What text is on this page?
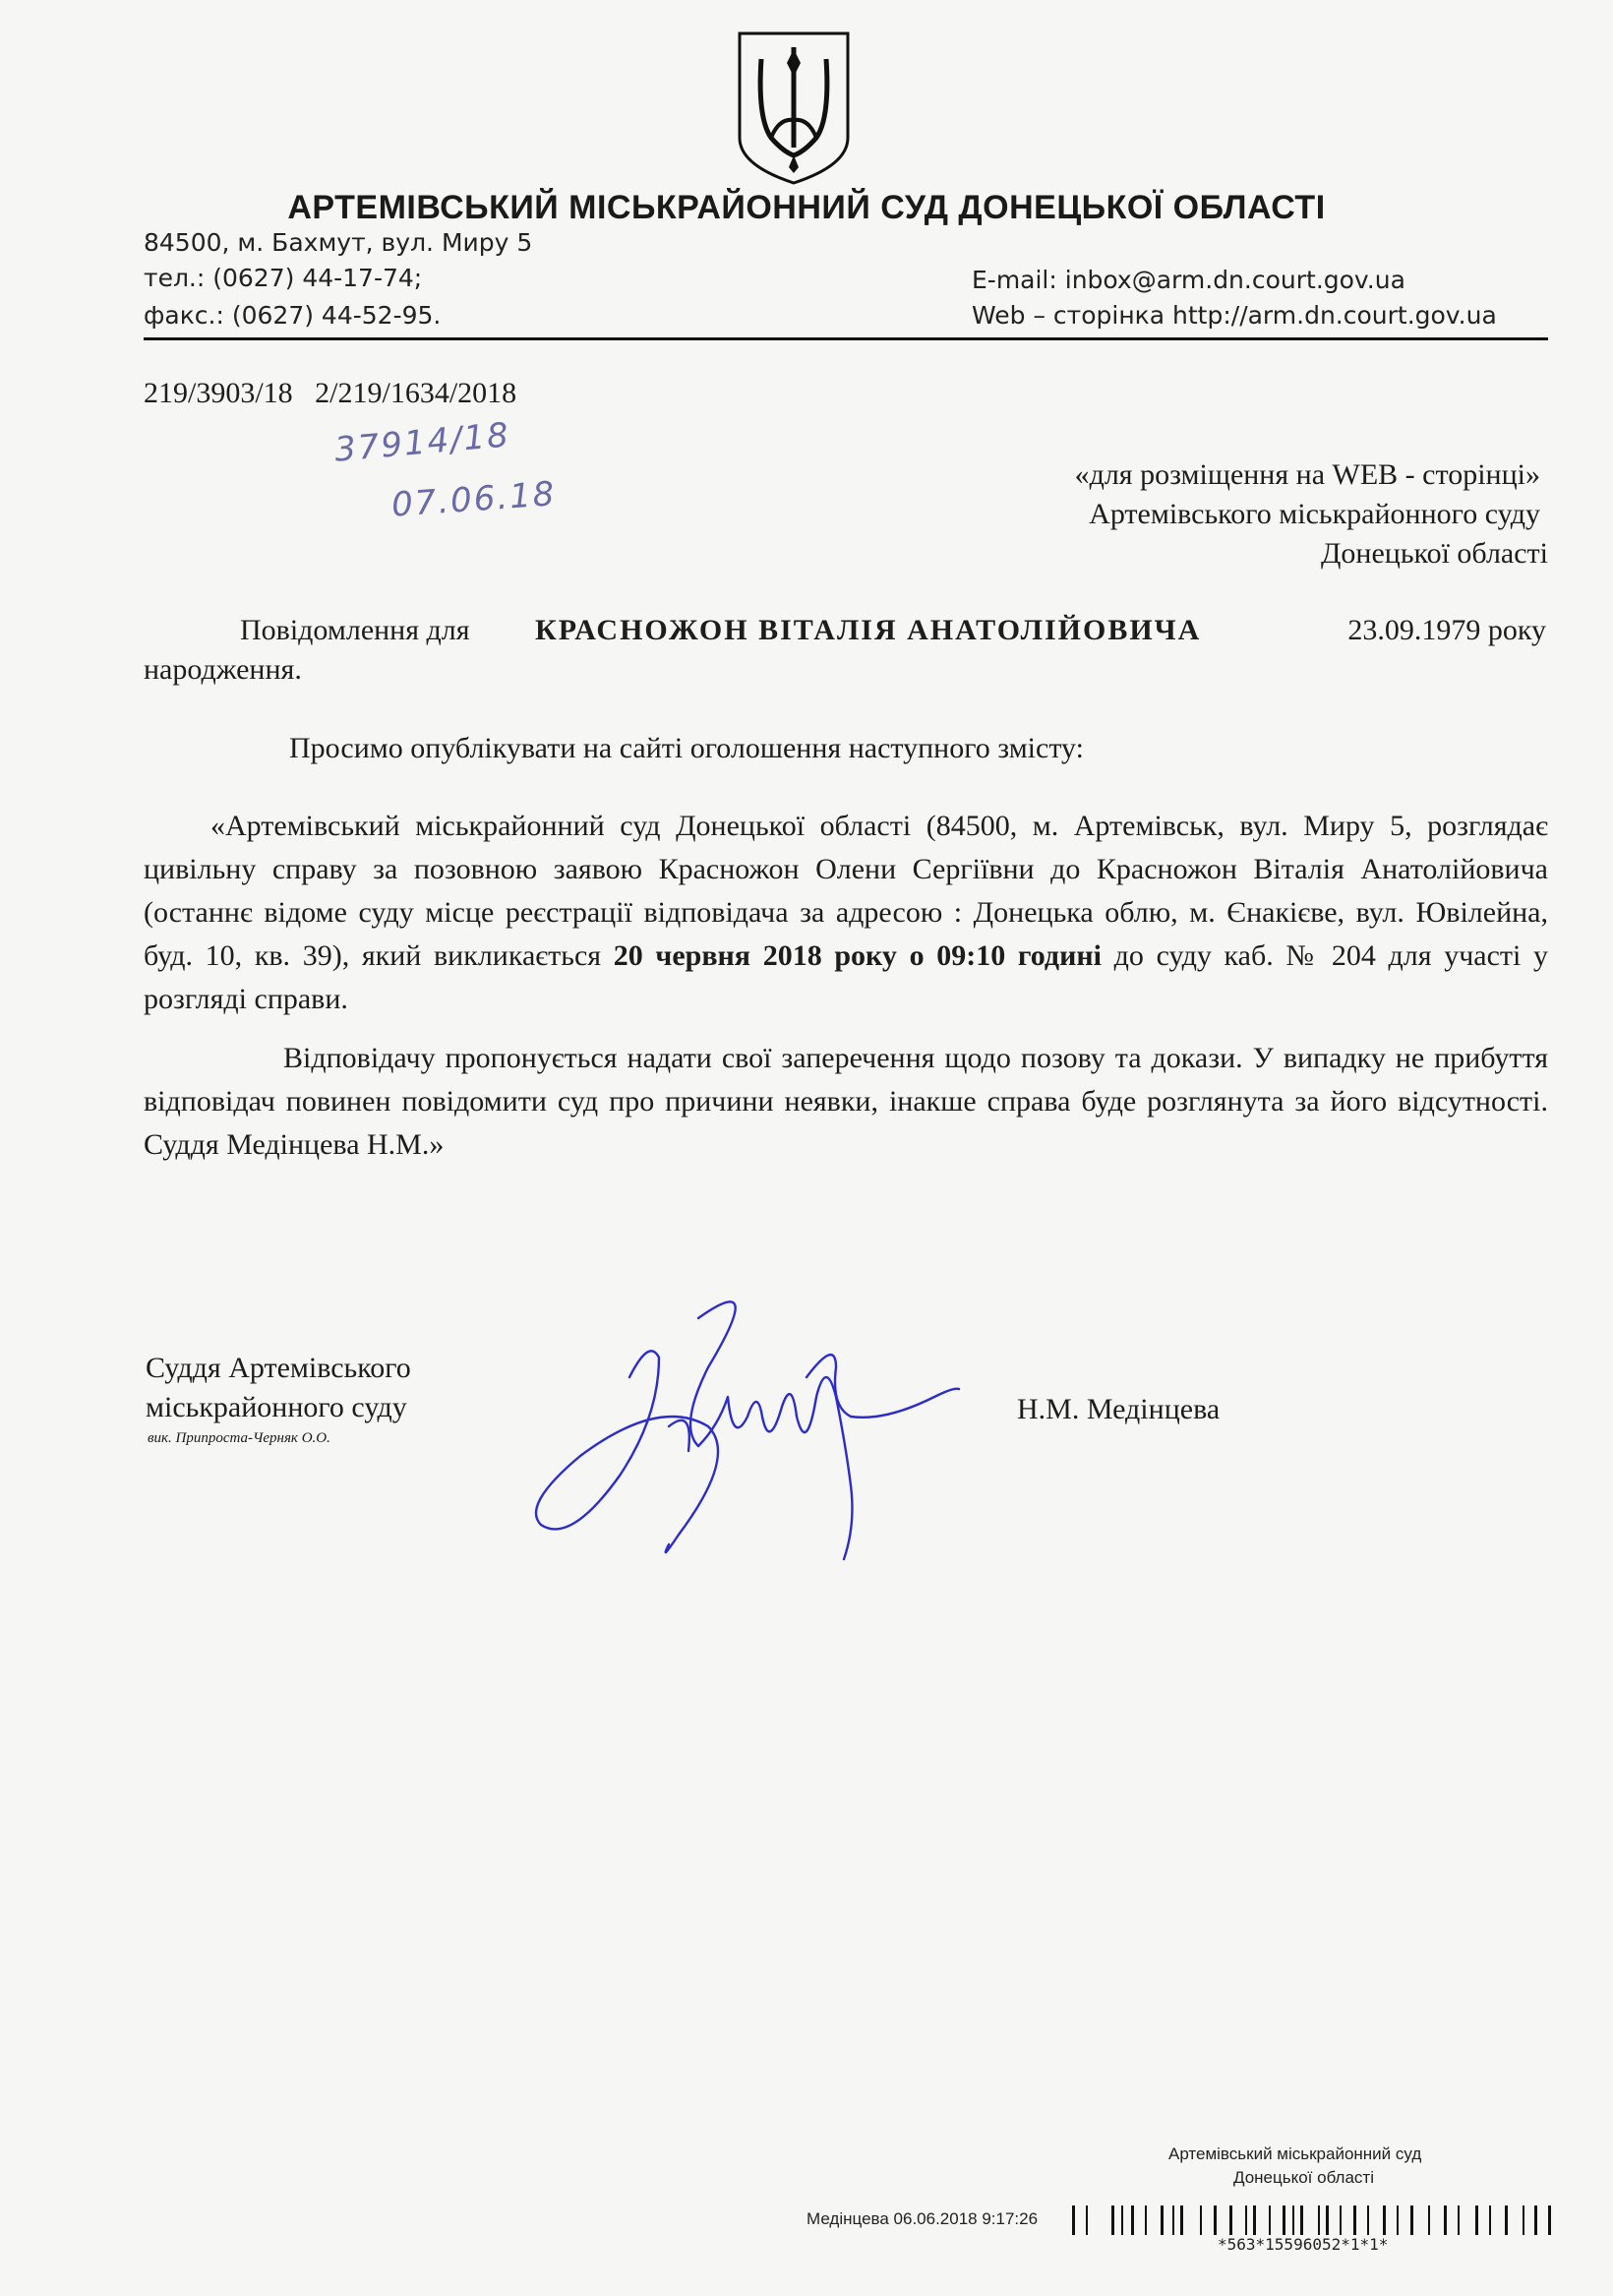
АРТЕМІВСЬКИЙ МІСЬКРАЙОННИЙ СУД ДОНЕЦЬКОЇ ОБЛАСТІ
84500, м. Бахмут, вул. Миру 5
тел.: (0627) 44-17-74;
факс.: (0627) 44-52-95.
E-mail: inbox@arm.dn.court.gov.ua
Web – сторінка http://arm.dn.court.gov.ua
219/3903/18   2/219/1634/2018
37914/18
07.06.18	«для розміщення на WEB - сторінці»
Артемівського міськрайонного суду
Донецької області
Повідомлення для КРАСНОЖОН ВІТАЛІЯ АНАТОЛІЙОВИЧА	23.09.1979 року
народження.
Просимо опублікувати на сайті оголошення наступного змісту:
«Артемівський міськрайонний суд Донецької області (84500, м. Артемівськ, вул. Миру 5, розглядає цивільну справу за позовною заявою Красножон Олени Сергіївни до Красножон Віталія Анатолійовича (останнє відоме суду місце реєстрації відповідача за адресою : Донецька облю, м. Єнакієве, вул. Ювілейна, буд. 10, кв. 39), який викликається 20 червня 2018 року о 09:10 годині до суду каб. № 204 для участі у розгляді справи.
Відповідачу пропонується надати свої заперечення щодо позову та докази. У випадку не прибуття відповідач повинен повідомити суд про причини неявки, інакше справа буде розглянута за його відсутності. Суддя Медінцева Н.М.»
Суддя Артемівського
міськрайонного суду
вик. Припроста-Черняк О.О.
Н.М. Медінцева
Артемівський міськрайонний суд
Донецької області
Медінцева 06.06.2018 9:17:26
*563*15596052*1*1*
